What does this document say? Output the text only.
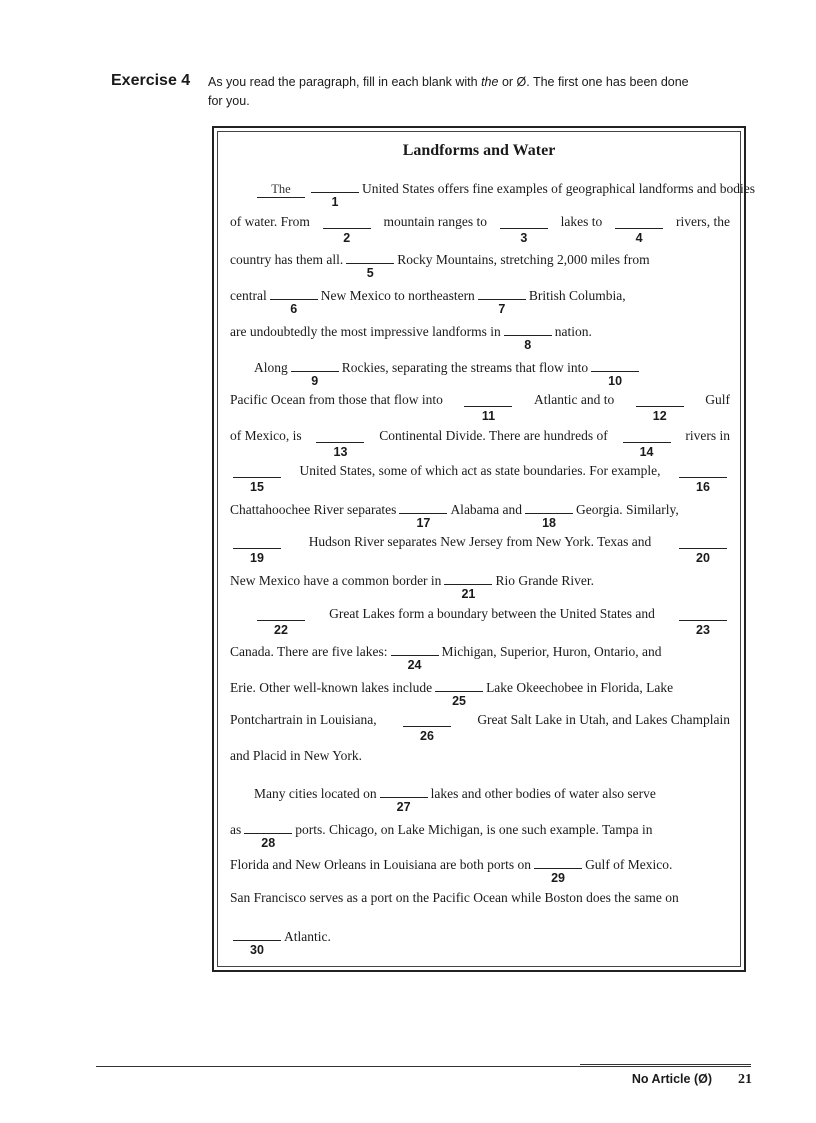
Exercise 4 As you read the paragraph, fill in each blank with the or Ø. The first one has been done
for you.
Landforms and Water
The
1
United States offers fine examples of geographical landforms and bodies
of water. From
2
mountain ranges to
3
lakes to
4
rivers, the
country has them all.
5
Rocky Mountains, stretching 2,000 miles from
central
6
New Mexico to northeastern
7
British Columbia,
are undoubtedly the most impressive landforms in
8
nation.
Along
9
Rockies, separating the streams that flow into
10
Pacific Ocean from those that flow into
11
Atlantic and to
12
Gulf
of Mexico, is
13
Continental Divide. There are hundreds of
14
rivers in
15
United States, some of which act as state boundaries. For example,
16
Chattahoochee River separates
17
Alabama and
18
Georgia. Similarly,
19
Hudson River separates New Jersey from New York. Texas and
20
New Mexico have a common border in
21
Rio Grande River.
22
Great Lakes form a boundary between the United States and
23
Canada. There are five lakes:
24
Michigan, Superior, Huron, Ontario, and
Erie. Other well-known lakes include
25
Lake Okeechobee in Florida, Lake
Pontchartrain in Louisiana,
26
Great Salt Lake in Utah, and Lakes Champlain
and Placid in New York.
Many cities located on
27
lakes and other bodies of water also serve
as
28
ports. Chicago, on Lake Michigan, is one such example. Tampa in
Florida and New Orleans in Louisiana are both ports on
29
Gulf of Mexico.
San Francisco serves as a port on the Pacific Ocean while Boston does the same on
30
Atlantic.
No Article (Ø) 21
